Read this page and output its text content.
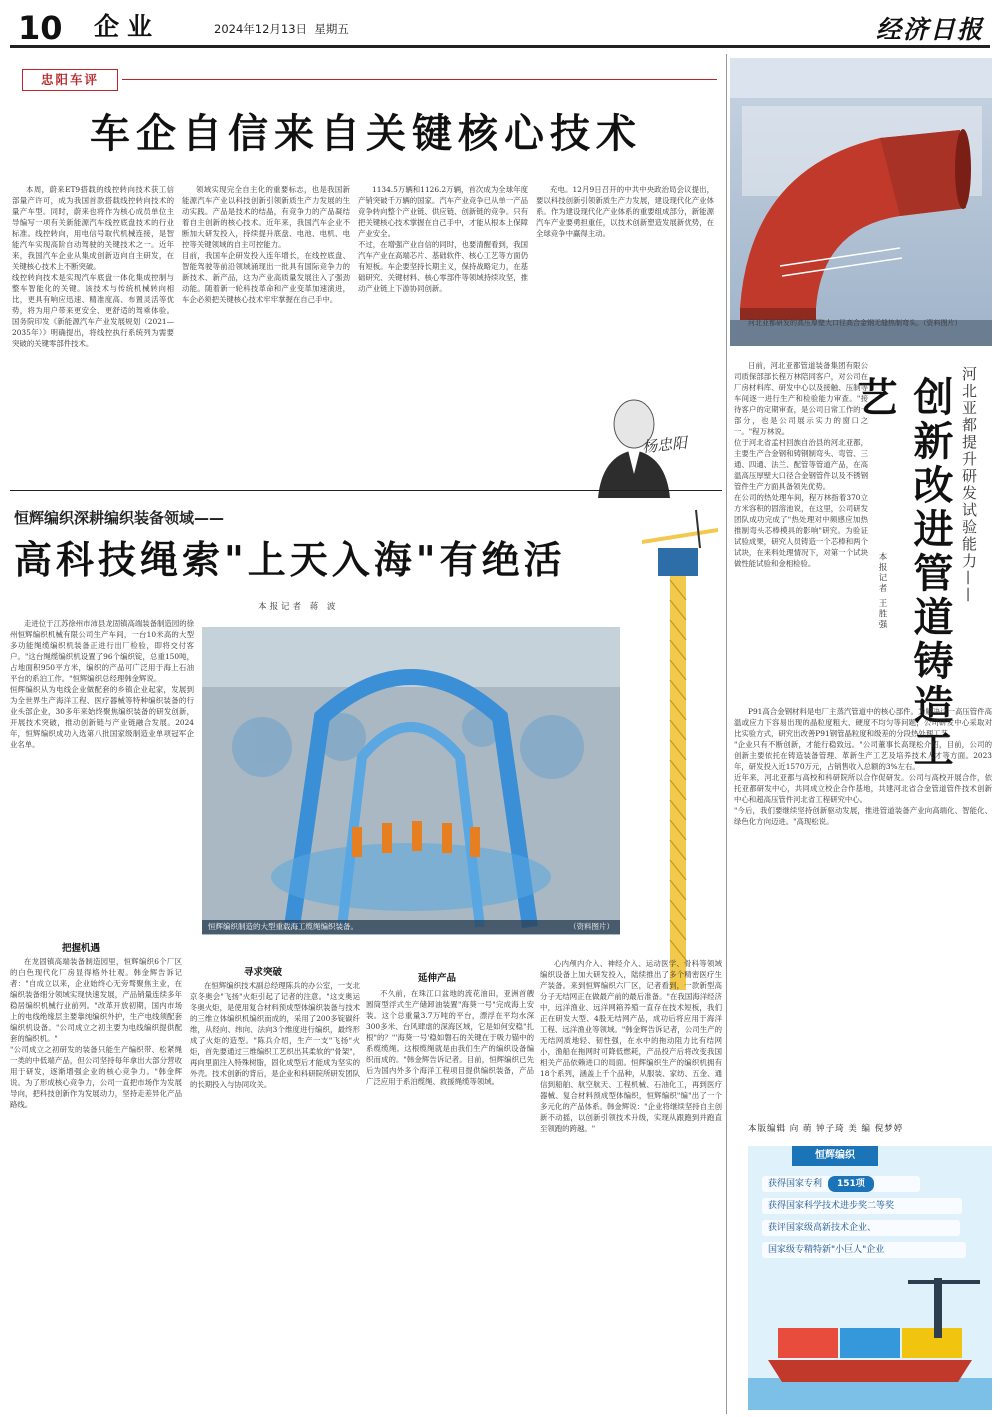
10 企业	2024年12月13日 星期五	经济日报
忠阳车评
车企自信来自关键核心技术
本周，蔚来ET9搭载的线控转向技术获工信部量产许可，成为我国首款搭载线控转向技术的量产车型。同时，蔚来也将作为核心成员单位主导编写一项有关新能源汽车线控底盘技术的行业标准。线控转向，用电信号取代机械连接，是智能汽车实现高阶自动驾驶的关键技术之一。近年来，我国汽车企业从集成创新迈向自主研发，在关键核心技术上不断突破。
线控转向技术是实现汽车底盘一体化集成控制与整车智能化的关键。该技术与传统机械转向相比，更具有响应迅速、精准度高、布置灵活等优势，将为用户带来更安全、更舒适的驾乘体验。国务院印发《新能源汽车产业发展规划（2021—2035年）》明确提出，将线控执行系统列为需要突破的关键零部件技术。
领域实现完全自主化的重要标志，也是我国新能源汽车产业以科技创新引领新质生产力发展的生动实践。产品是技术的结晶，有竞争力的产品凝结着自主创新的核心技术。近年来，我国汽车企业不断加大研发投入，持续提升底盘、电池、电机、电控等关键领域的自主可控能力。
目前，我国车企研发投入连年增长，在线控底盘、智能驾驶等前沿领域涌现出一批具有国际竞争力的新技术、新产品，这为产业高质量发展注入了强劲动能。随着新一轮科技革命和产业变革加速演进，车企必须把关键核心技术牢牢掌握在自己手中。
1134.5万辆和1126.2万辆，首次成为全球年度产销突破千万辆的国家。汽车产业竞争已从单一产品竞争转向整个产业链、供应链、创新链的竞争。只有把关键核心技术掌握在自己手中，才能从根本上保障产业安全。
不过，在增强产业自信的同时，也要清醒看到，我国汽车产业在高端芯片、基础软件、核心工艺等方面仍有短板。车企要坚持长期主义，保持战略定力，在基础研究、关键材料、核心零部件等领域持续攻坚，推动产业链上下游协同创新。
充电。12月9日召开的中共中央政治局会议提出，要以科技创新引领新质生产力发展，建设现代化产业体系。作为建设现代化产业体系的重要组成部分，新能源汽车产业要勇担重任，以技术创新塑造发展新优势，在全球竞争中赢得主动。
杨忠阳
河北亚都研发的高压厚壁大口径高合金钢无缝热制弯头。（资料图片）
创新改进管道铸造工艺	河北亚都提升研发试验能力——
本报记者 王胜强
日前，河北亚都管道装备集团有限公司质保部部长程万林陪同客户，对公司在厂房材料库、研发中心以及接触、压制等车间逐一进行生产和检验能力审查。"接待客户的定期审查，是公司日常工作的一部分，也是公司展示实力的窗口之一。"程万林说。
位于河北省孟村回族自治县的河北亚都，主要生产合金钢和铸钢制弯头、弯管、三通、四通、法兰、配管等管道产品，在高温高压厚壁大口径合金钢管件以及不锈钢管件生产方面具备领先优势。
在公司的热处理车间，程万林指着370立方米容积的固溶池说，在这里，公司研发团队成功完成了"热处理对中频感应加热推制弯头芯棒模具的影响"研究。为验证试验成果，研究人员铸造一个芯棒和两个试块，在来料处理情况下，对第一个试块做性能试验和金相检验。
P91高合金钢材料是电厂主蒸汽管道中的核心部件。为解决这一高压管件高温或应力下容易出现的晶粒度粗大、硬度不均匀等问题，公司研发中心采取对比实验方式，研究出改善P91钢管晶粒度和级差的分段热处理工艺。
"企业只有不断创新，才能行稳致远。"公司董事长高现松介绍，目前，公司的创新主要依托在铸造装备管理、革新生产工艺及培养技术人才等方面。2023年，研发投入近1570万元，占销售收入总额的3%左右。
近年来，河北亚都与高校和科研院所以合作促研发。公司与高校开展合作，依托亚都研发中心，共同成立校企合作基地，共建河北省合金管道管件技术创新中心和超高压管件河北省工程研究中心。
"今后，我们要继续坚持创新驱动发展，推进管道装备产业向高端化、智能化、绿色化方向迈进。"高现松说。
本版编辑 向 萌 钟子琦 美 编 倪梦婷
恒辉编织深耕编织装备领域——
高科技绳索"上天入海"有绝活
本报记者 蒋 波
（资料图片）
恒辉编织制造的大型重载海工缆绳编织装备。
走进位于江苏徐州市沛县龙固镇高端装备制造园的徐州恒辉编织机械有限公司生产车间，一台10米高的大型多功能绳缆编织机装备正进行出厂检验，即将交付客户。"这台绳缆编织机设置了96个编织锭，总重150吨，占地面积950平方米，编织的产品可广泛用于海上石油平台的系泊工作。"恒辉编织总经理韩金辉说。
恒辉编织从为电线企业做配套的乡镇企业起家，发展到为全世界生产海洋工程、医疗器械等特种编织装备的行业头部企业，30多年来始终聚焦编织装备的研发创新，开展技术突破，推动创新链与产业链融合发展。2024年，恒辉编织成功入选第八批国家级制造业单项冠军企业名单。
把握机遇
在龙固镇高端装备制造园里，恒辉编织6个厂区的白色现代化厂房显得格外壮观。韩金辉告诉记者："自成立以来，企业始终心无旁骛聚焦主业，在编织装备细分领域实现快速发展，产品销量连续多年稳居编织机械行业前列。"改革开放初期，国内市场上的电线绝缘层主要靠纯编织外护，生产电线须配套编织机设备。"公司成立之初主要为电线编织提供配套的编织机。"
"公司成立之初研发的装备只能生产编织带、松紧绳一类的中低端产品，但公司坚持每年拿出大部分营收用于研发，逐渐增强企业的核心竞争力。"韩金辉说。为了形成核心竞争力，公司一直把市场作为发展导向，把科技创新作为发展动力，坚持走差异化产品路线。
寻求突破
在恒辉编织技术副总经理陈兵的办公室，一支北京冬奥会"飞扬"火炬引起了记者的注意。"这支奥运冬奥火炬，是使用复合材料预成型体编织装备与技术的三维立体编织机编织而成的，采用了200多锭碳纤维，从经向、纬向、法向3个维度进行编织，最终形成了火炬的造型。"陈兵介绍，生产一支"飞扬"火炬，首先要通过三维编织工艺织出其柔软的"骨架"，再向里面注入特殊树脂，固化成型后才能成为坚实的外壳。技术创新的背后，是企业和科研院所研发团队的长期投入与协同攻关。
延伸产品
不久前，在珠江口盆地的流花油田，亚洲首艘圆筒型浮式生产储卸油装置"海葵一号"完成海上安装。这个总重量3.7万吨的平台，漂浮在平均水深300多米、台风肆虐的深海区域，它是如何安稳"扎根"的？"'海葵一号'稳如磐石的关键在于吸力锚中的系缆缆绳。这根缆绳就是由我们生产的编织设备编织而成的。"韩金辉告诉记者。目前，恒辉编织已先后为国内外多个海洋工程项目提供编织装备，产品广泛应用于系泊缆绳、救援绳缆等领域。
心内颅内介入、神经介入、运动医学、骨科等领域编织设备上加大研发投入，陆续推出了多个精密医疗生产装备。来到恒辉编织六厂区，记者看到，一款新型高分子无结网正在做最产前的最后准备。"在我国海洋经济中，远洋渔业、远洋网箱养殖一直存在技术短板，我们正在研发大型、4股无结网产品，成功后将应用于海洋工程、远洋渔业等领域。"韩金辉告诉记者，公司生产的无结网质地轻、韧性强，在水中的拖动阻力比有结网小，渔船在拖网时可降低燃耗，产品投产后将改变我国相关产品依赖进口的局面。恒辉编织生产的编织机拥有18个系列，涵盖上千个品种，从服装、家纺、五金、通信到船舶、航空航天、工程机械、石油化工，再到医疗器械、复合材料预成型体编织，恒辉编织"编"出了一个多元化的产品体系。韩金辉说："企业将继续坚持自主创新不动摇，以创新引领技术升级，实现从跟跑到并跑直至领跑的跨越。"
恒辉编织
获得国家专利 151项
获得国家科学技术进步奖二等奖
获评国家级高新技术企业、
国家级专精特新"小巨人"企业
